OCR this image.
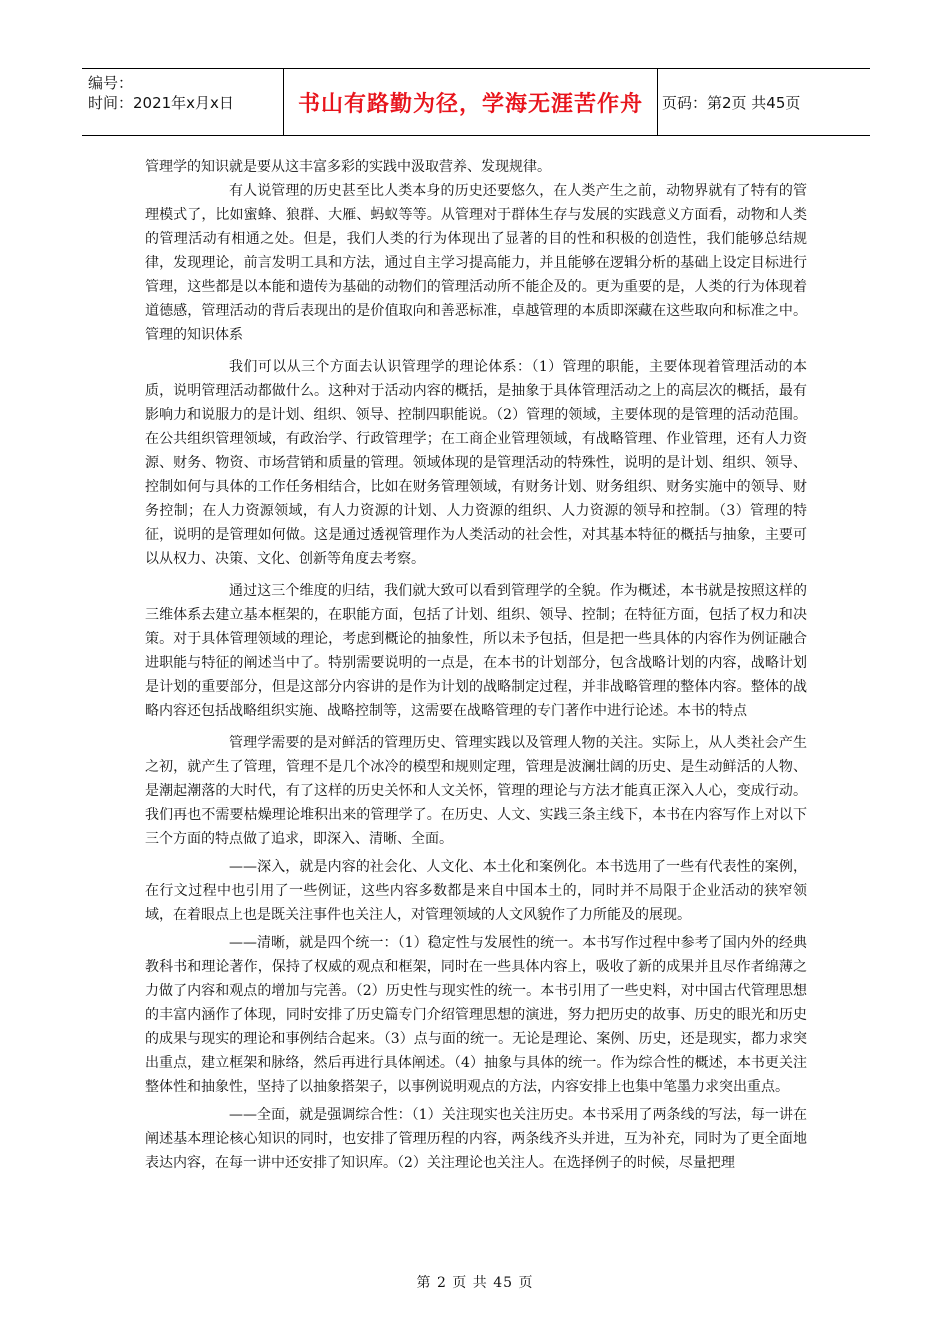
编号：
时间：2021年x月x日	书山有路勤为径，学海无涯苦作舟	页码：第2页 共45页

管理学的知识就是要从这丰富多彩的实践中汲取营养、发现规律。

有人说管理的历史甚至比人类本身的历史还要悠久，在人类产生之前，动物界就有了特有的管理模式了，比如蜜蜂、狼群、大雁、蚂蚁等等。从管理对于群体生存与发展的实践意义方面看，动物和人类的管理活动有相通之处。但是，我们人类的行为体现出了显著的目的性和积极的创造性，我们能够总结规律，发现理论，前言发明工具和方法，通过自主学习提高能力，并且能够在逻辑分析的基础上设定目标进行管理，这些都是以本能和遗传为基础的动物们的管理活动所不能企及的。更为重要的是，人类的行为体现着道德感，管理活动的背后表现出的是价值取向和善恶标准，卓越管理的本质即深藏在这些取向和标准之中。管理的知识体系

我们可以从三个方面去认识管理学的理论体系：（1）管理的职能，主要体现着管理活动的本质，说明管理活动都做什么。这种对于活动内容的概括，是抽象于具体管理活动之上的高层次的概括，最有影响力和说服力的是计划、组织、领导、控制四职能说。（2）管理的领域，主要体现的是管理的活动范围。在公共组织管理领域，有政治学、行政管理学；在工商企业管理领域，有战略管理、作业管理，还有人力资源、财务、物资、市场营销和质量的管理。领域体现的是管理活动的特殊性，说明的是计划、组织、领导、控制如何与具体的工作任务相结合，比如在财务管理领域，有财务计划、财务组织、财务实施中的领导、财务控制；在人力资源领域，有人力资源的计划、人力资源的组织、人力资源的领导和控制。（3）管理的特征，说明的是管理如何做。这是通过透视管理作为人类活动的社会性，对其基本特征的概括与抽象，主要可以从权力、决策、文化、创新等角度去考察。

通过这三个维度的归结，我们就大致可以看到管理学的全貌。作为概述，本书就是按照这样的三维体系去建立基本框架的，在职能方面，包括了计划、组织、领导、控制；在特征方面，包括了权力和决策。对于具体管理领域的理论，考虑到概论的抽象性，所以未予包括，但是把一些具体的内容作为例证融合进职能与特征的阐述当中了。特别需要说明的一点是，在本书的计划部分，包含战略计划的内容，战略计划是计划的重要部分，但是这部分内容讲的是作为计划的战略制定过程，并非战略管理的整体内容。整体的战略内容还包括战略组织实施、战略控制等，这需要在战略管理的专门著作中进行论述。本书的特点

管理学需要的是对鲜活的管理历史、管理实践以及管理人物的关注。实际上，从人类社会产生之初，就产生了管理，管理不是几个冰冷的模型和规则定理，管理是波澜壮阔的历史、是生动鲜活的人物、是潮起潮落的大时代，有了这样的历史关怀和人文关怀，管理的理论与方法才能真正深入人心，变成行动。我们再也不需要枯燥理论堆积出来的管理学了。在历史、人文、实践三条主线下，本书在内容写作上对以下三个方面的特点做了追求，即深入、清晰、全面。

——深入，就是内容的社会化、人文化、本土化和案例化。本书选用了一些有代表性的案例，在行文过程中也引用了一些例证，这些内容多数都是来自中国本土的，同时并不局限于企业活动的狭窄领域，在着眼点上也是既关注事件也关注人，对管理领域的人文风貌作了力所能及的展现。

——清晰，就是四个统一：（1）稳定性与发展性的统一。本书写作过程中参考了国内外的经典教科书和理论著作，保持了权威的观点和框架，同时在一些具体内容上，吸收了新的成果并且尽作者绵薄之力做了内容和观点的增加与完善。（2）历史性与现实性的统一。本书引用了一些史料，对中国古代管理思想的丰富内涵作了体现，同时安排了历史篇专门介绍管理思想的演进，努力把历史的故事、历史的眼光和历史的成果与现实的理论和事例结合起来。（3）点与面的统一。无论是理论、案例、历史，还是现实，都力求突出重点，建立框架和脉络，然后再进行具体阐述。（4）抽象与具体的统一。作为综合性的概述，本书更关注整体性和抽象性，坚持了以抽象搭架子，以事例说明观点的方法，内容安排上也集中笔墨力求突出重点。

——全面，就是强调综合性：（1）关注现实也关注历史。本书采用了两条线的写法，每一讲在阐述基本理论核心知识的同时，也安排了管理历程的内容，两条线齐头并进，互为补充，同时为了更全面地表达内容，在每一讲中还安排了知识库。（2）关注理论也关注人。在选择例子的时候，尽量把理

第 2 页 共 45 页
